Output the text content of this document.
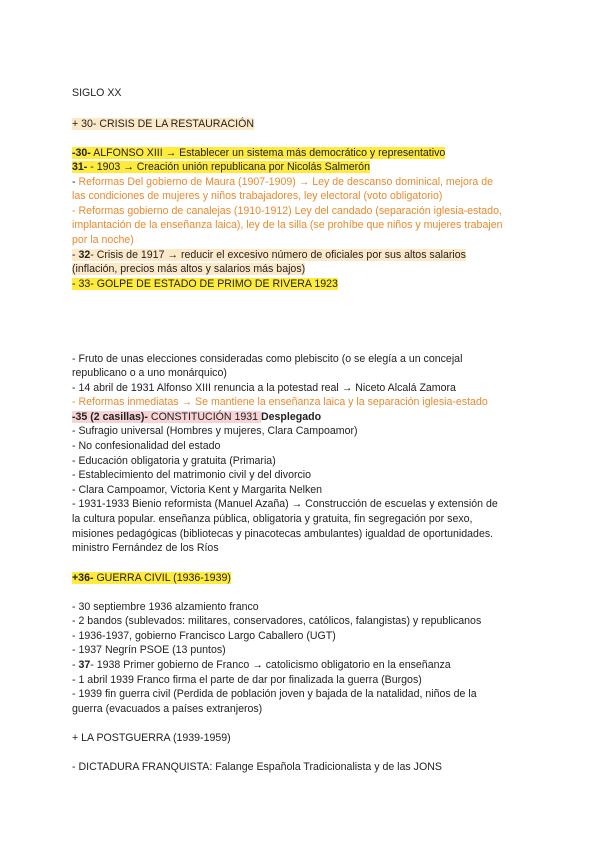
SIGLO XX
+ 30- CRISIS DE LA RESTAURACIÓN
-30- ALFONSO XIII → Establecer un sistema más democrático y representativo
31- - 1903 → Creación unión republicana por Nicolás Salmerón
- Reformas Del gobierno de Maura (1907-1909) → Ley de descanso dominical, mejora de
las condiciones de mujeres y niños trabajadores, ley electoral (voto obligatorio)
- Reformas gobierno de canalejas (1910-1912) Ley del candado (separación iglesia-estado,
implantación de la enseñanza laica), ley de la silla (se prohíbe que niños y mujeres trabajen
por la noche)
- 32- Crisis de 1917 → reducir el excesivo número de oficiales por sus altos salarios
(inflación, precios más altos y salarios más bajos)
- 33- GOLPE DE ESTADO DE PRIMO DE RIVERA 1923
- Fruto de unas elecciones consideradas como plebiscito (o se elegía a un concejal
republicano o a uno monárquico)
- 14 abril de 1931 Alfonso XIII renuncia a la potestad real → Niceto Alcalá Zamora
- Reformas inmediatas → Se mantiene la enseñanza laica y la separación iglesia-estado
-35 (2 casillas)- CONSTITUCIÓN 1931 Desplegado
- Sufragio universal (Hombres y mujeres, Clara Campoamor)
- No confesionalidad del estado
- Educación obligatoria y gratuita (Primaria)
- Establecimiento del matrimonio civil y del divorcio
- Clara Campoamor, Victoria Kent y Margarita Nelken
- 1931-1933 Bienio reformista (Manuel Azaña) → Construcción de escuelas y extensión de
la cultura popular. enseñanza pública, obligatoria y gratuita, fin segregación por sexo,
misiones pedagógicas (bibliotecas y pinacotecas ambulantes) igualdad de oportunidades.
ministro Fernández de los Ríos
+36- GUERRA CIVIL (1936-1939)
- 30 septiembre 1936 alzamiento franco
- 2 bandos (sublevados: militares, conservadores, católicos, falangistas) y republicanos
- 1936-1937, gobierno Francisco Largo Caballero (UGT)
- 1937 Negrín PSOE (13 puntos)
- 37- 1938 Primer gobierno de Franco → catolicismo obligatorio en la enseñanza
- 1 abril 1939 Franco firma el parte de dar por finalizada la guerra (Burgos)
- 1939 fin guerra civil (Perdida de población joven y bajada de la natalidad, niños de la
guerra (evacuados a países extranjeros)
+ LA POSTGUERRA (1939-1959)
- DICTADURA FRANQUISTA: Falange Española Tradicionalista y de las JONS
